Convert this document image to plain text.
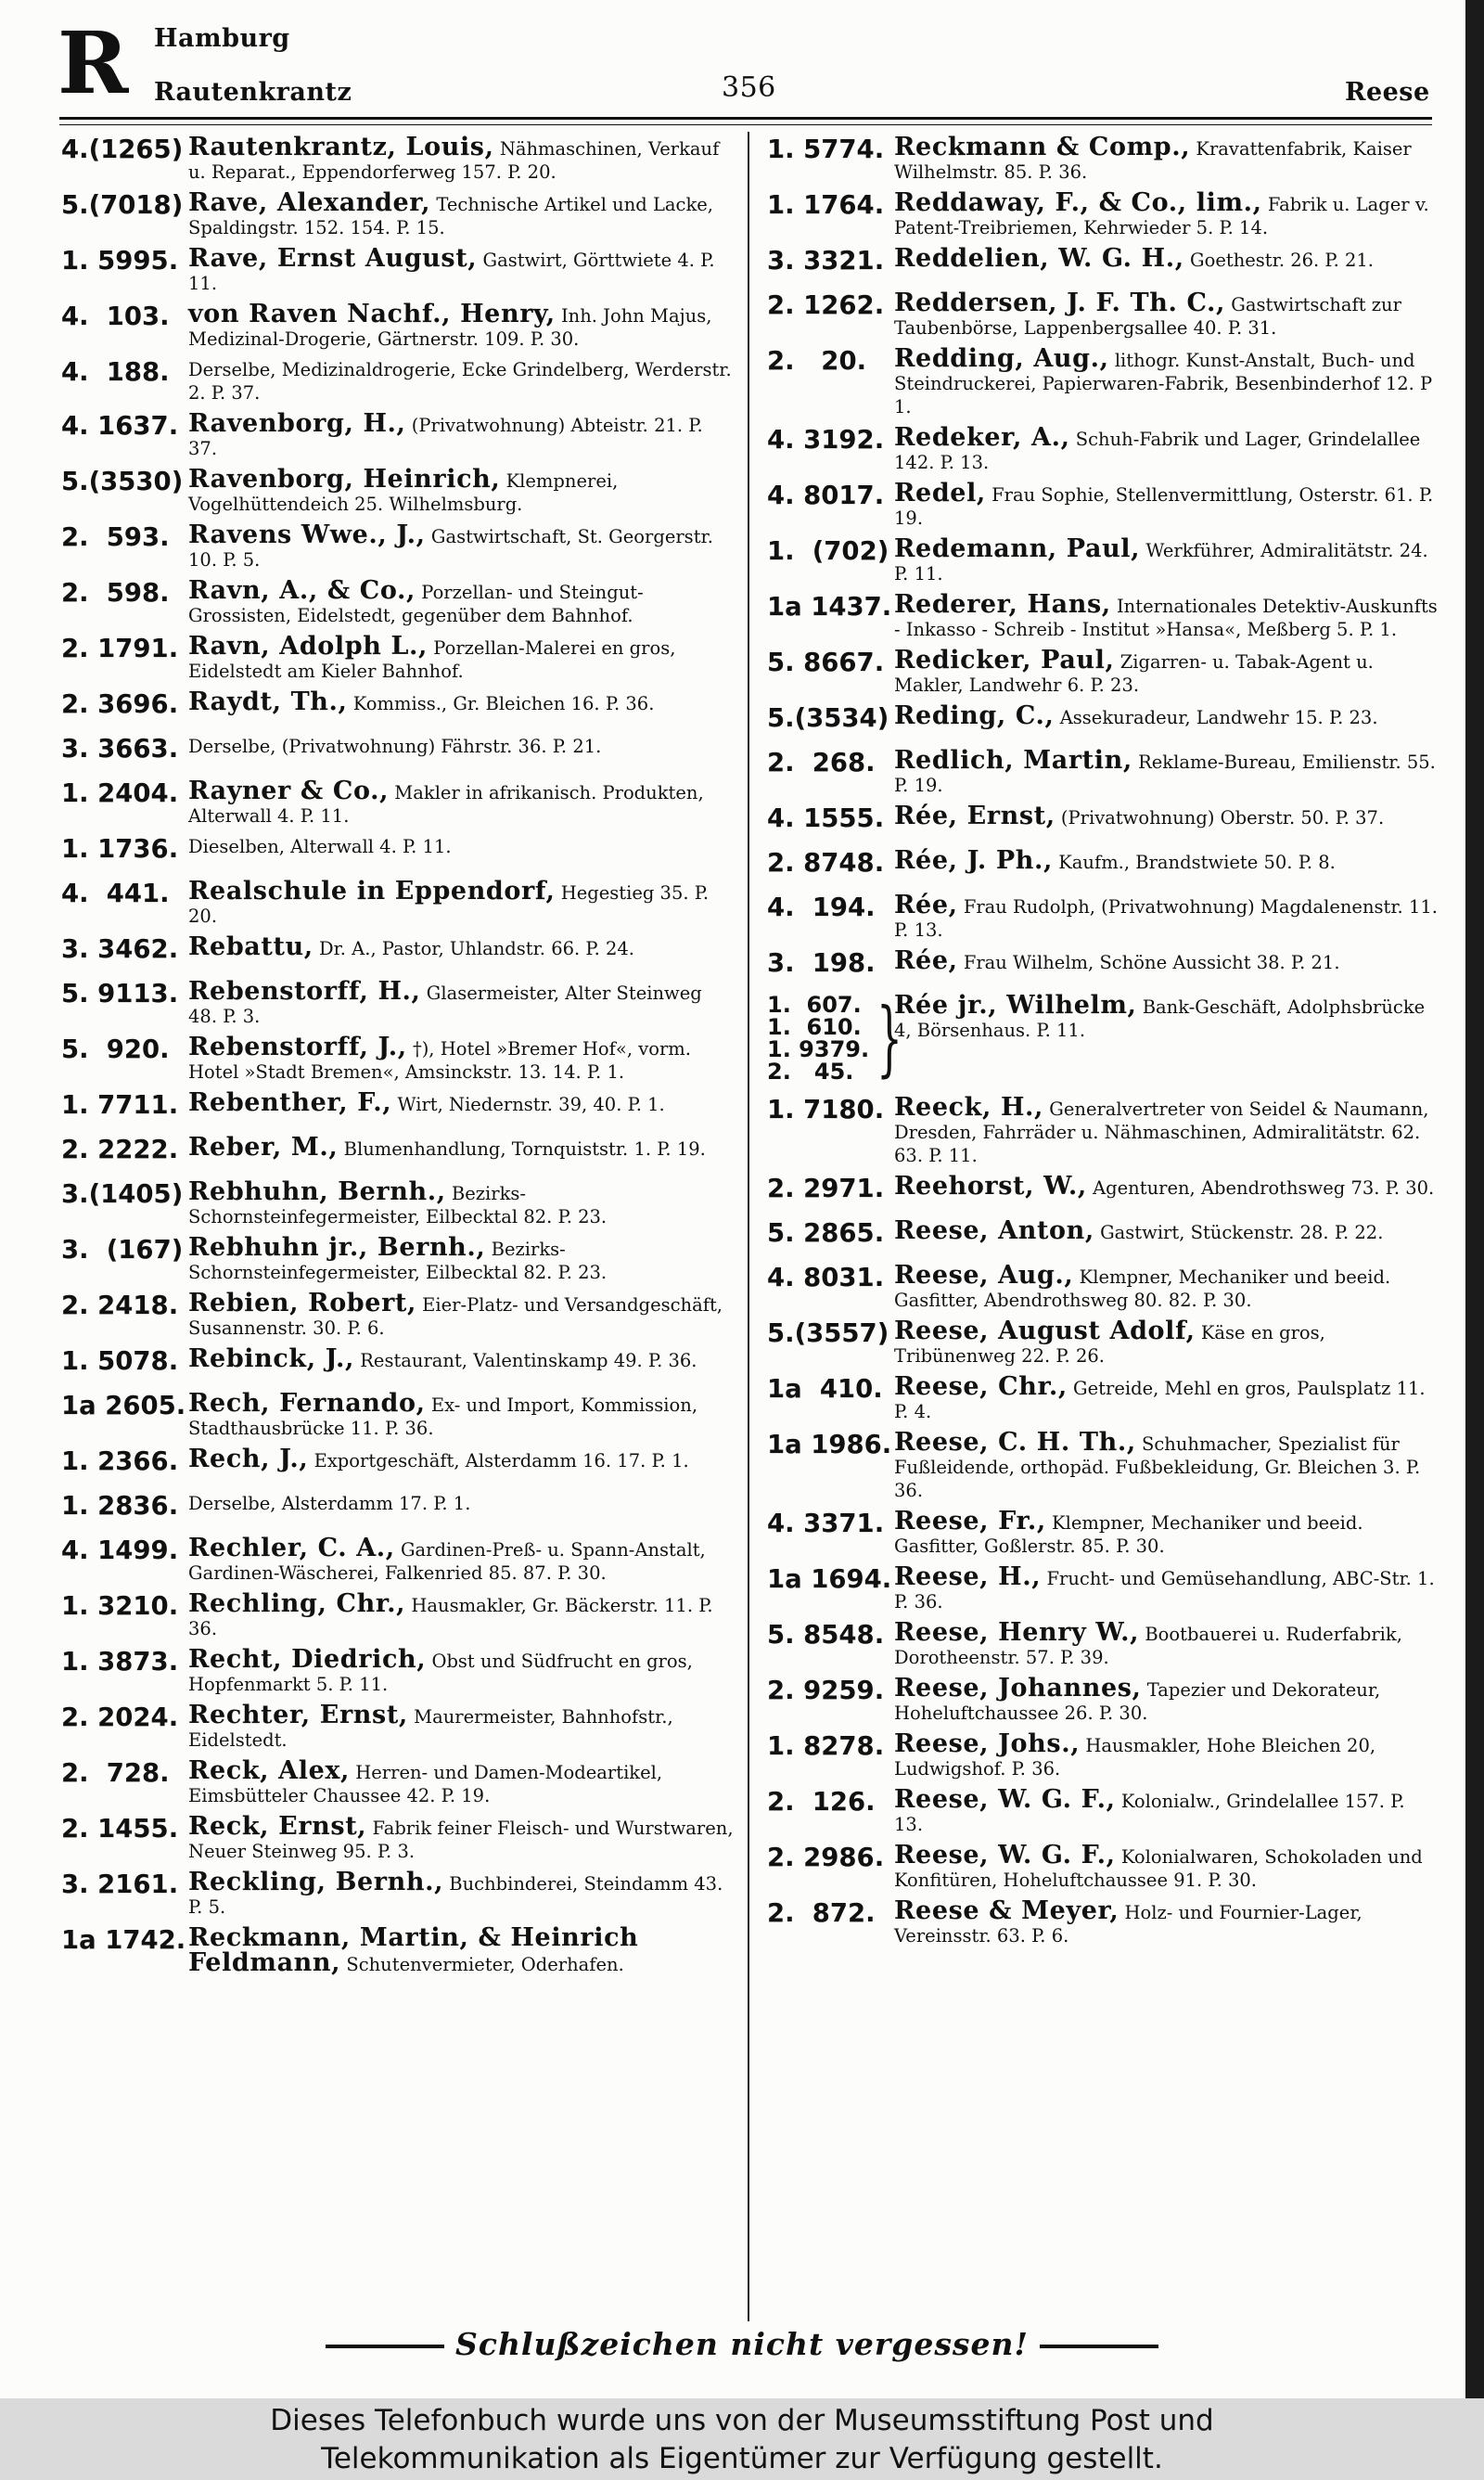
R Hamburg
Rautenkrantz	356	Reese
4.(1265) Rautenkrantz, Louis, Nähmaschinen, Verkauf u. Reparat., Eppendorferweg 157. P. 20.
5.(7018) Rave, Alexander, Technische Artikel und Lacke, Spaldingstr. 152. 154. P. 15.
1. 5995. Rave, Ernst August, Gastwirt, Görttwiete 4. P. 11.
4.  103. von Raven Nachf., Henry, Inh. John Majus, Medizinal-Drogerie, Gärtnerstr. 109. P. 30.
4.  188. Derselbe, Medizinaldrogerie, Ecke Grindelberg, Werderstr. 2. P. 37.
4. 1637. Ravenborg, H., (Privatwohnung) Abteistr. 21. P. 37.
5.(3530) Ravenborg, Heinrich, Klempnerei, Vogelhüttendeich 25. Wilhelmsburg.
2.  593. Ravens Wwe., J., Gastwirtschaft, St. Georgerstr. 10. P. 5.
2.  598. Ravn, A., & Co., Porzellan- und Steingut-Grossisten, Eidelstedt, gegenüber dem Bahnhof.
2. 1791. Ravn, Adolph L., Porzellan-Malerei en gros, Eidelstedt am Kieler Bahnhof.
2. 3696. Raydt, Th., Kommiss., Gr. Bleichen 16. P. 36.
3. 3663. Derselbe, (Privatwohnung) Fährstr. 36. P. 21.
1. 2404. Rayner & Co., Makler in afrikanisch. Produkten, Alterwall 4. P. 11.
1. 1736. Dieselben, Alterwall 4. P. 11.
4.  441. Realschule in Eppendorf, Hegestieg 35. P. 20.
3. 3462. Rebattu, Dr. A., Pastor, Uhlandstr. 66. P. 24.
5. 9113. Rebenstorff, H., Glasermeister, Alter Steinweg 48. P. 3.
5.  920. Rebenstorff, J., †), Hotel »Bremer Hof«, vorm. Hotel »Stadt Bremen«, Amsinckstr. 13. 14. P. 1.
1. 7711. Rebenther, F., Wirt, Niedernstr. 39, 40. P. 1.
2. 2222. Reber, M., Blumenhandlung, Tornquiststr. 1. P. 19.
3.(1405) Rebhuhn, Bernh., Bezirks-Schornsteinfegermeister, Eilbecktal 82. P. 23.
3.  (167) Rebhuhn jr., Bernh., Bezirks-Schornsteinfegermeister, Eilbecktal 82. P. 23.
2. 2418. Rebien, Robert, Eier-Platz- und Versandgeschäft, Susannenstr. 30. P. 6.
1. 5078. Rebinck, J., Restaurant, Valentinskamp 49. P. 36.
1a 2605. Rech, Fernando, Ex- und Import, Kommission, Stadthausbrücke 11. P. 36.
1. 2366. Rech, J., Exportgeschäft, Alsterdamm 16. 17. P. 1.
1. 2836. Derselbe, Alsterdamm 17. P. 1.
4. 1499. Rechler, C. A., Gardinen-Preß- u. Spann-Anstalt, Gardinen-Wäscherei, Falkenried 85. 87. P. 30.
1. 3210. Rechling, Chr., Hausmakler, Gr. Bäckerstr. 11. P. 36.
1. 3873. Recht, Diedrich, Obst und Südfrucht en gros, Hopfenmarkt 5. P. 11.
2. 2024. Rechter, Ernst, Maurermeister, Bahnhofstr., Eidelstedt.
2.  728. Reck, Alex, Herren- und Damen-Modeartikel, Eimsbütteler Chaussee 42. P. 19.
2. 1455. Reck, Ernst, Fabrik feiner Fleisch- und Wurstwaren, Neuer Steinweg 95. P. 3.
3. 2161. Reckling, Bernh., Buchbinderei, Steindamm 43. P. 5.
1a 1742. Reckmann, Martin, & Heinrich Feldmann, Schutenvermieter, Oderhafen.
1. 5774. Reckmann & Comp., Kravattenfabrik, Kaiser Wilhelmstr. 85. P. 36.
1. 1764. Reddaway, F., & Co., lim., Fabrik u. Lager v. Patent-Treibriemen, Kehrwieder 5. P. 14.
3. 3321. Reddelien, W. G. H., Goethestr. 26. P. 21.
2. 1262. Reddersen, J. F. Th. C., Gastwirtschaft zur Taubenbörse, Lappenbergsallee 40. P. 31.
2.   20. Redding, Aug., lithogr. Kunst-Anstalt, Buch- und Steindruckerei, Papierwaren-Fabrik, Besenbinderhof 12. P 1.
4. 3192. Redeker, A., Schuh-Fabrik und Lager, Grindelallee 142. P. 13.
4. 8017. Redel, Frau Sophie, Stellenvermittlung, Osterstr. 61. P. 19.
1.  (702) Redemann, Paul, Werkführer, Admiralitätstr. 24. P. 11.
1a 1437. Rederer, Hans, Internationales Detektiv-Auskunfts - Inkasso - Schreib - Institut »Hansa«, Meßberg 5. P. 1.
5. 8667. Redicker, Paul, Zigarren- u. Tabak-Agent u. Makler, Landwehr 6. P. 23.
5.(3534) Reding, C., Assekuradeur, Landwehr 15. P. 23.
2.  268. Redlich, Martin, Reklame-Bureau, Emilienstr. 55. P. 19.
4. 1555. Rée, Ernst, (Privatwohnung) Oberstr. 50. P. 37.
2. 8748. Rée, J. Ph., Kaufm., Brandstwiete 50. P. 8.
4.  194. Rée, Frau Rudolph, (Privatwohnung) Magdalenenstr. 11. P. 13.
3.  198. Rée, Frau Wilhelm, Schöne Aussicht 38. P. 21.
1.  607.
1.  610.
1. 9379.
2.   45. }
Rée jr., Wilhelm, Bank-Geschäft, Adolphsbrücke 4, Börsenhaus. P. 11.
1. 7180. Reeck, H., Generalvertreter von Seidel & Naumann, Dresden, Fahrräder u. Nähmaschinen, Admiralitätstr. 62. 63. P. 11.
2. 2971. Reehorst, W., Agenturen, Abendrothsweg 73. P. 30.
5. 2865. Reese, Anton, Gastwirt, Stückenstr. 28. P. 22.
4. 8031. Reese, Aug., Klempner, Mechaniker und beeid. Gasfitter, Abendrothsweg 80. 82. P. 30.
5.(3557) Reese, August Adolf, Käse en gros, Tribünenweg 22. P. 26.
1a  410. Reese, Chr., Getreide, Mehl en gros, Paulsplatz 11. P. 4.
1a 1986. Reese, C. H. Th., Schuhmacher, Spezialist für Fußleidende, orthopäd. Fußbekleidung, Gr. Bleichen 3. P. 36.
4. 3371. Reese, Fr., Klempner, Mechaniker und beeid. Gasfitter, Goßlerstr. 85. P. 30.
1a 1694. Reese, H., Frucht- und Gemüsehandlung, ABC-Str. 1. P. 36.
5. 8548. Reese, Henry W., Bootbauerei u. Ruderfabrik, Dorotheenstr. 57. P. 39.
2. 9259. Reese, Johannes, Tapezier und Dekorateur, Hoheluftchaussee 26. P. 30.
1. 8278. Reese, Johs., Hausmakler, Hohe Bleichen 20, Ludwigshof. P. 36.
2.  126. Reese, W. G. F., Kolonialw., Grindelallee 157. P. 13.
2. 2986. Reese, W. G. F., Kolonialwaren, Schokoladen und Konfitüren, Hoheluftchaussee 91. P. 30.
2.  872. Reese & Meyer, Holz- und Fournier-Lager, Vereinsstr. 63. P. 6.
Schlußzeichen nicht vergessen!
Dieses Telefonbuch wurde uns von der Museumsstiftung Post und
Telekommunikation als Eigentümer zur Verfügung gestellt.
